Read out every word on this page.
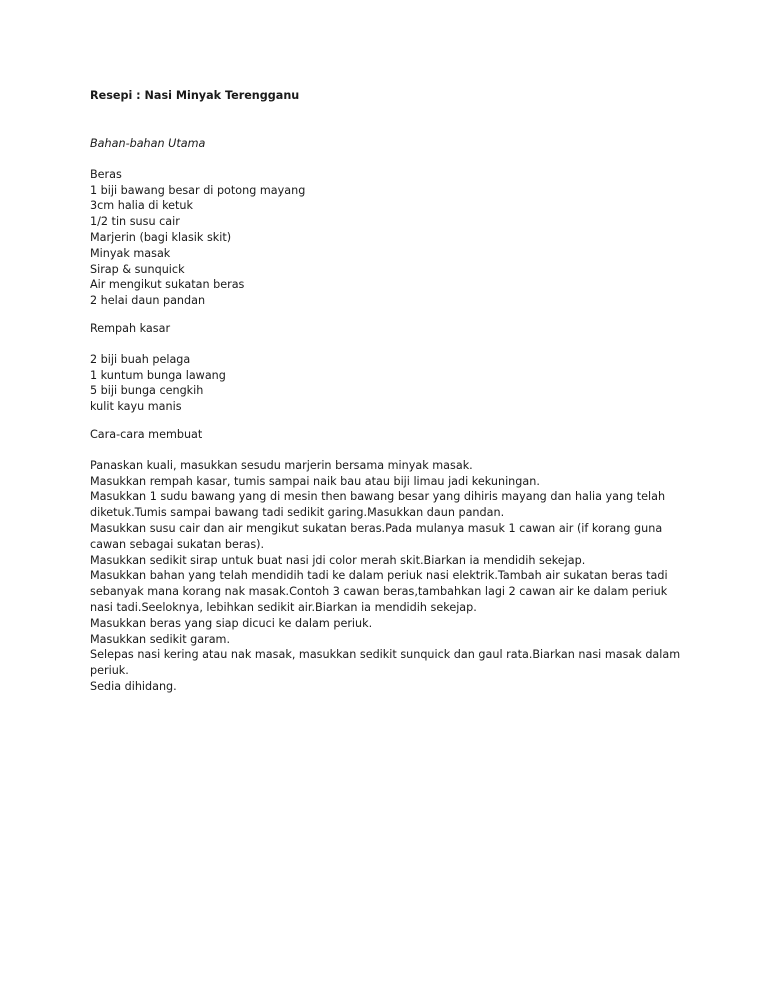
Resepi : Nasi Minyak Terengganu
Bahan-bahan Utama
Beras
1 biji bawang besar di potong mayang
3cm halia di ketuk
1/2 tin susu cair
Marjerin (bagi klasik skit)
Minyak masak
Sirap & sunquick
Air mengikut sukatan beras
2 helai daun pandan
Rempah kasar
2 biji buah pelaga
1 kuntum bunga lawang
5 biji bunga cengkih
kulit kayu manis
Cara-cara membuat
Panaskan kuali, masukkan sesudu marjerin bersama minyak masak.
Masukkan rempah kasar, tumis sampai naik bau atau biji limau jadi kekuningan.
Masukkan 1 sudu bawang yang di mesin then bawang besar yang dihiris mayang dan halia yang telah diketuk.Tumis sampai bawang tadi sedikit garing.Masukkan daun pandan.
Masukkan susu cair dan air mengikut sukatan beras.Pada mulanya masuk 1 cawan air (if korang guna cawan sebagai sukatan beras).
Masukkan sedikit sirap untuk buat nasi jdi color merah skit.Biarkan ia mendidih sekejap.
Masukkan bahan yang telah mendidih tadi ke dalam periuk nasi elektrik.Tambah air sukatan beras tadi sebanyak mana korang nak masak.Contoh 3 cawan beras,tambahkan lagi 2 cawan air ke dalam periuk nasi tadi.Seeloknya, lebihkan sedikit air.Biarkan ia mendidih sekejap.
Masukkan beras yang siap dicuci ke dalam periuk.
Masukkan sedikit garam.
Selepas nasi kering atau nak masak, masukkan sedikit sunquick dan gaul rata.Biarkan nasi masak dalam periuk.
Sedia dihidang.
